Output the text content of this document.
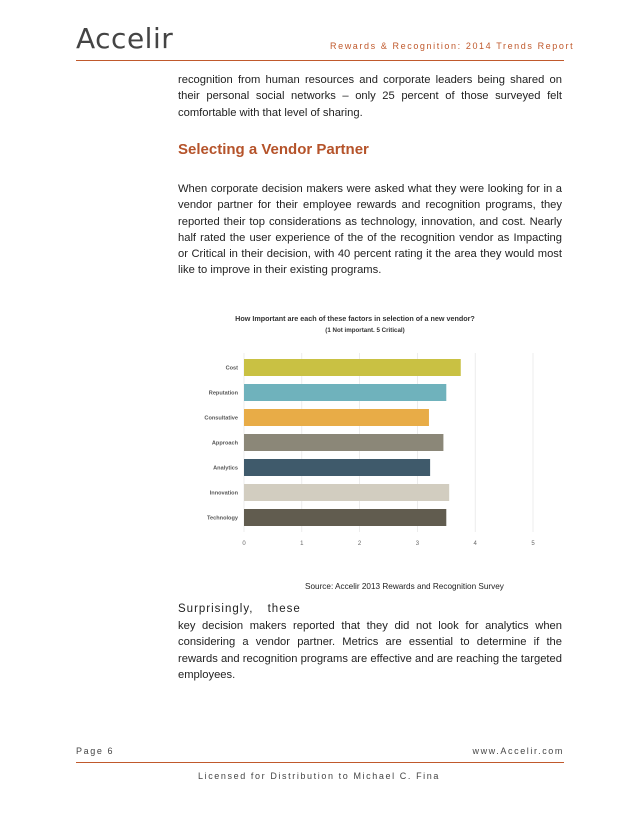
Accelir	Rewards & Recognition: 2014 Trends Report

recognition from human resources and corporate leaders being shared on their personal social networks – only 25 percent of those surveyed felt comfortable with that level of sharing.

Selecting a Vendor Partner

When corporate decision makers were asked what they were looking for in a vendor partner for their employee rewards and recognition programs, they reported their top considerations as technology, innovation, and cost. Nearly half rated the user experience of the of the recognition vendor as Impacting or Critical in their decision, with 40 percent rating it the area they would most like to improve in their existing programs.

How Important are each of these factors in selection of a new vendor?
(1 Not important. 5 Critical)
0	1	2	3	4	5
Cost
Reputation
Consultative
Approach
Analytics
Innovation
Technology
Source: Accelir 2013 Rewards and Recognition Survey
Surprisingly, these

key decision makers reported that they did not look for analytics when considering a vendor partner. Metrics are essential to determine if the rewards and recognition programs are effective and are reaching the targeted employees.

Page 6	www.Accelir.com
Licensed for Distribution to Michael C. Fina
